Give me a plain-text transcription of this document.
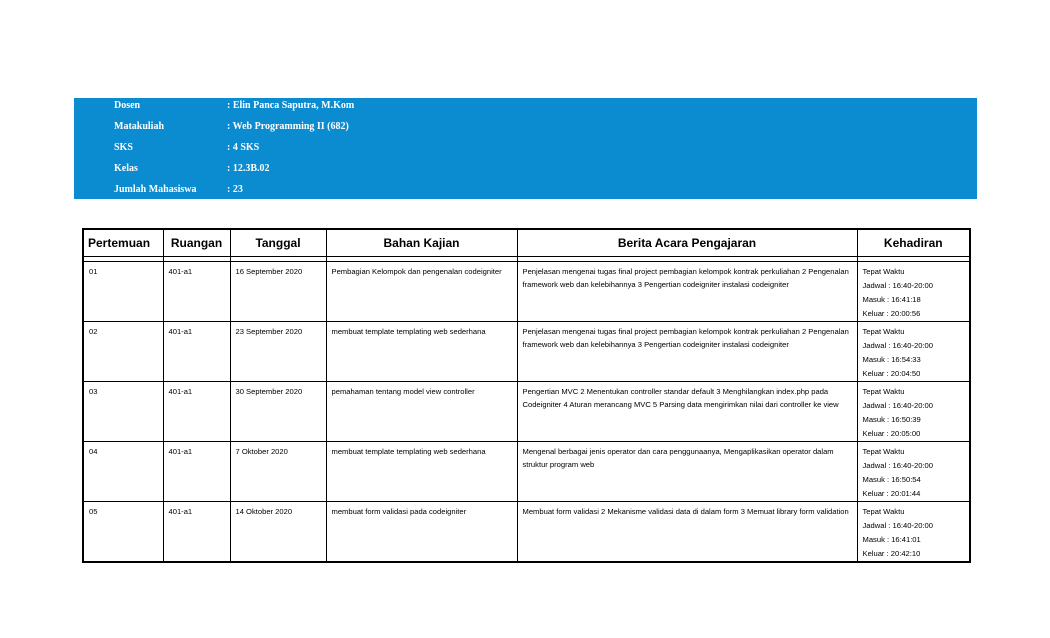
Dosen	: Elin Panca Saputra, M.Kom
Matakuliah	: Web Programming II (682)
SKS	: 4 SKS
Kelas	: 12.3B.02
Jumlah Mahasiswa	: 23
Pertemuan	Ruangan	Tanggal	Bahan Kajian	Berita Acara Pengajaran	Kehadiran

01	401-a1	16 September 2020	Pembagian Kelompok dan pengenalan codeigniter	Penjelasan mengenai tugas final project pembagian kelompok kontrak perkuliahan 2 Pengenalan framework web dan kelebihannya 3 Pengertian codeigniter instalasi codeigniter	Tepat Waktu
Jadwal : 16:40-20:00
Masuk : 16:41:18
Keluar : 20:00:56

02	401-a1	23 September 2020	membuat template templating web sederhana	Penjelasan mengenai tugas final project pembagian kelompok kontrak perkuliahan 2 Pengenalan framework web dan kelebihannya 3 Pengertian codeigniter instalasi codeigniter	Tepat Waktu
Jadwal : 16:40-20:00
Masuk : 16:54:33
Keluar : 20:04:50

03	401-a1	30 September 2020	pemahaman tentang model view controller	Pengertian MVC 2 Menentukan controller standar default 3 Menghilangkan index.php pada Codeigniter 4 Aturan merancang MVC 5 Parsing data mengirimkan nilai dari controller ke view	Tepat Waktu
Jadwal : 16:40-20:00
Masuk : 16:50:39
Keluar : 20:05:00

04	401-a1	7 Oktober 2020	membuat template templating web sederhana	Mengenal berbagai jenis operator dan cara penggunaanya, Mengaplikasikan operator dalam struktur program web	Tepat Waktu
Jadwal : 16:40-20:00
Masuk : 16:50:54
Keluar : 20:01:44

05	401-a1	14 Oktober 2020	membuat form validasi pada codeigniter	Membuat form validasi 2 Mekanisme validasi data di dalam form 3 Memuat library form validation	Tepat Waktu
Jadwal : 16:40-20:00
Masuk : 16:41:01
Keluar : 20:42:10
